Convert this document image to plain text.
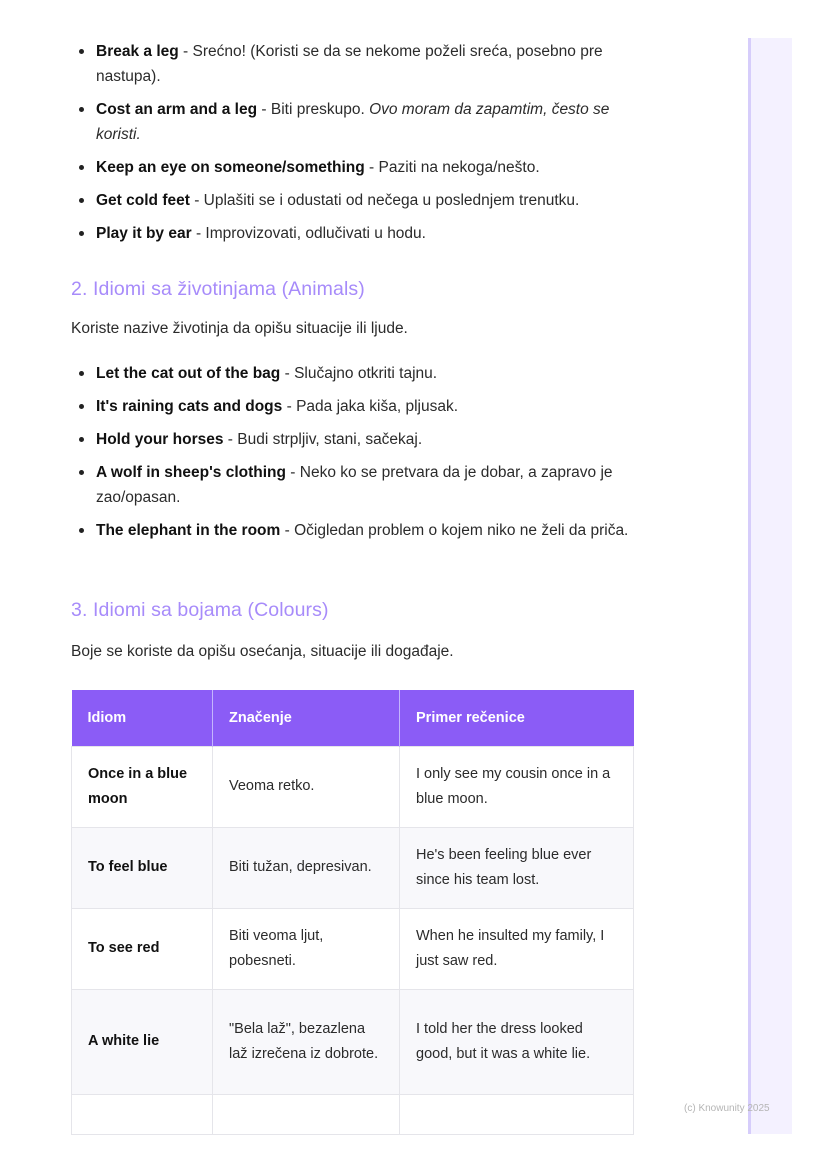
Break a leg - Srećno! (Koristi se da se nekome poželi sreća, posebno pre nastupa).
Cost an arm and a leg - Biti preskupo. Ovo moram da zapamtim, često se koristi.
Keep an eye on someone/something - Paziti na nekoga/nešto.
Get cold feet - Uplašiti se i odustati od nečega u poslednjem trenutku.
Play it by ear - Improvizovati, odlučivati u hodu.
2. Idiomi sa životinjama (Animals)

Koriste nazive životinja da opišu situacije ili ljude.

Let the cat out of the bag - Slučajno otkriti tajnu.
It's raining cats and dogs - Pada jaka kiša, pljusak.
Hold your horses - Budi strpljiv, stani, sačekaj.
A wolf in sheep's clothing - Neko ko se pretvara da je dobar, a zapravo je zao/opasan.
The elephant in the room - Očigledan problem o kojem niko ne želi da priča.
3. Idiomi sa bojama (Colours)

Boje se koriste da opišu osećanja, situacije ili događaje.

Idiom	Značenje	Primer rečenice
Once in a blue moon	Veoma retko.	I only see my cousin once in a blue moon.
To feel blue	Biti tužan, depresivan.	He's been feeling blue ever since his team lost.
To see red	Biti veoma ljut, pobesneti.	When he insulted my family, I just saw red.
A white lie	"Bela laž", bezazlena laž izrečena iz dobrote.	I told her the dress looked good, but it was a white lie.

(c) Knowunity 2025
